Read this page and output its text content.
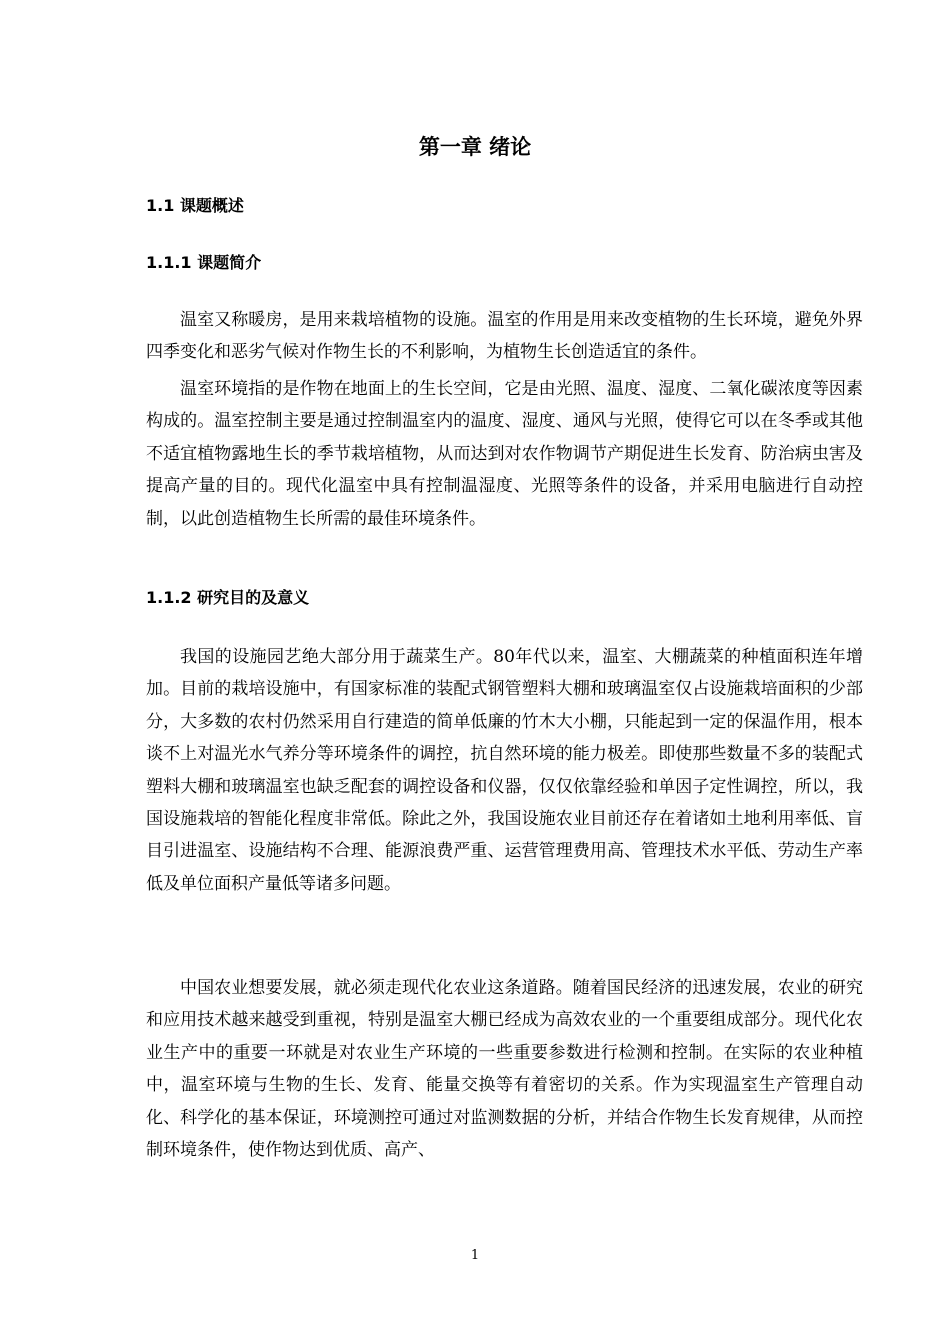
第一章 绪论
1.1 课题概述
1.1.1 课题简介

温室又称暖房，是用来栽培植物的设施。温室的作用是用来改变植物的生长环境，避免外界四季变化和恶劣气候对作物生长的不利影响，为植物生长创造适宜的条件。

温室环境指的是作物在地面上的生长空间，它是由光照、温度、湿度、二氧化碳浓度等因素构成的。温室控制主要是通过控制温室内的温度、湿度、通风与光照，使得它可以在冬季或其他不适宜植物露地生长的季节栽培植物，从而达到对农作物调节产期促进生长发育、防治病虫害及提高产量的目的。现代化温室中具有控制温湿度、光照等条件的设备，并采用电脑进行自动控制，以此创造植物生长所需的最佳环境条件。

1.1.2 研究目的及意义

我国的设施园艺绝大部分用于蔬菜生产。80年代以来，温室、大棚蔬菜的种植面积连年增加。目前的栽培设施中，有国家标准的装配式钢管塑料大棚和玻璃温室仅占设施栽培面积的少部分，大多数的农村仍然采用自行建造的简单低廉的竹木大小棚，只能起到一定的保温作用，根本谈不上对温光水气养分等环境条件的调控，抗自然环境的能力极差。即使那些数量不多的装配式塑料大棚和玻璃温室也缺乏配套的调控设备和仪器，仅仅依靠经验和单因子定性调控，所以，我国设施栽培的智能化程度非常低。除此之外，我国设施农业目前还存在着诸如土地利用率低、盲目引进温室、设施结构不合理、能源浪费严重、运营管理费用高、管理技术水平低、劳动生产率低及单位面积产量低等诸多问题。

中国农业想要发展，就必须走现代化农业这条道路。随着国民经济的迅速发展，农业的研究和应用技术越来越受到重视，特别是温室大棚已经成为高效农业的一个重要组成部分。现代化农业生产中的重要一环就是对农业生产环境的一些重要参数进行检测和控制。在实际的农业种植中，温室环境与生物的生长、发育、能量交换等有着密切的关系。作为实现温室生产管理自动化、科学化的基本保证，环境测控可通过对监测数据的分析，并结合作物生长发育规律，从而控制环境条件，使作物达到优质、高产、

1
